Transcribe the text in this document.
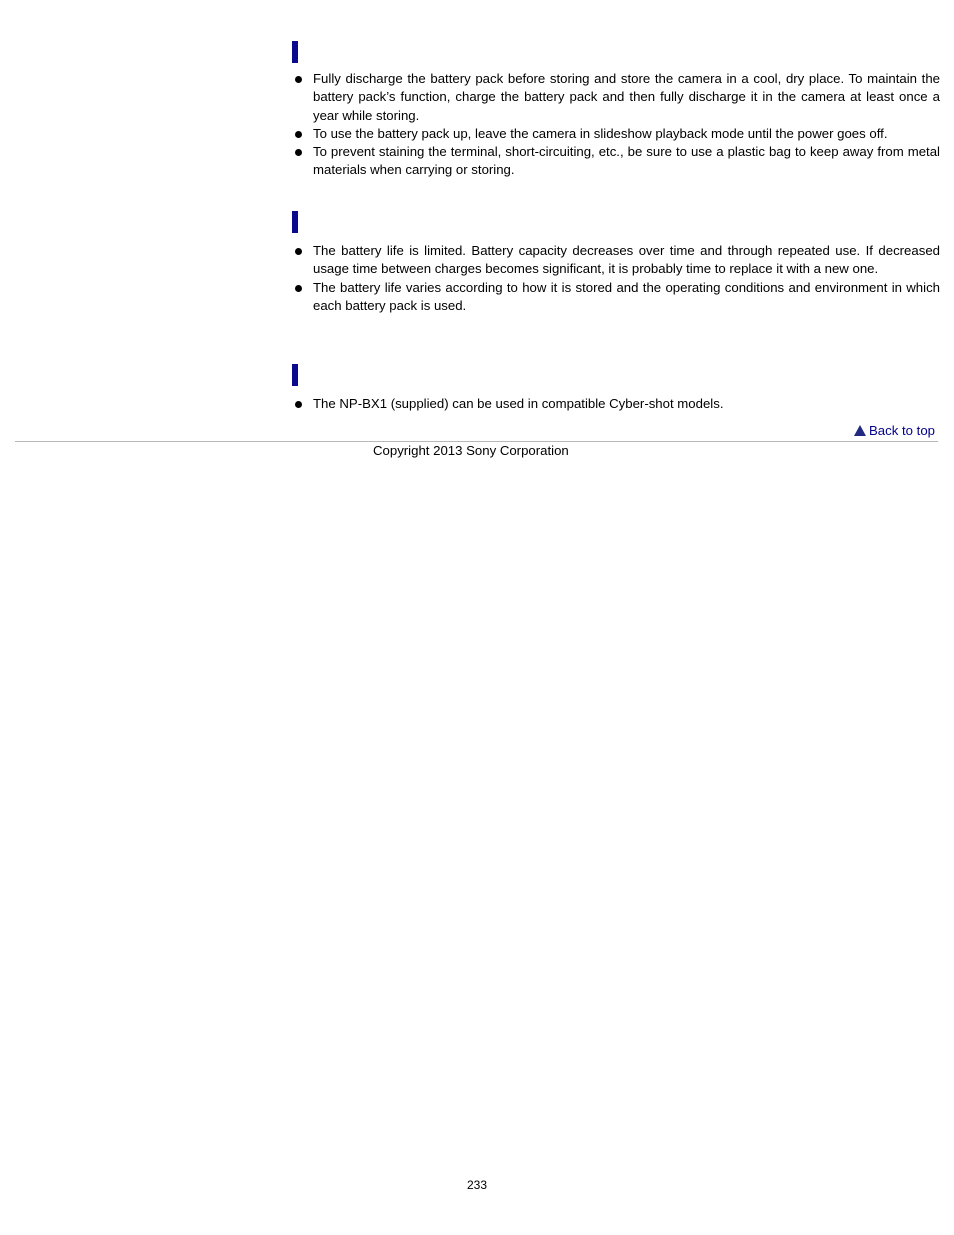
Fully discharge the battery pack before storing and store the camera in a cool, dry place. To maintain the battery pack’s function, charge the battery pack and then fully discharge it in the camera at least once a year while storing.
To use the battery pack up, leave the camera in slideshow playback mode until the power goes off.
To prevent staining the terminal, short-circuiting, etc., be sure to use a plastic bag to keep away from metal materials when carrying or storing.
The battery life is limited. Battery capacity decreases over time and through repeated use. If decreased usage time between charges becomes significant, it is probably time to replace it with a new one.
The battery life varies according to how it is stored and the operating conditions and environment in which each battery pack is used.
The NP-BX1 (supplied) can be used in compatible Cyber-shot models.
Back to top
Copyright 2013 Sony Corporation
233
